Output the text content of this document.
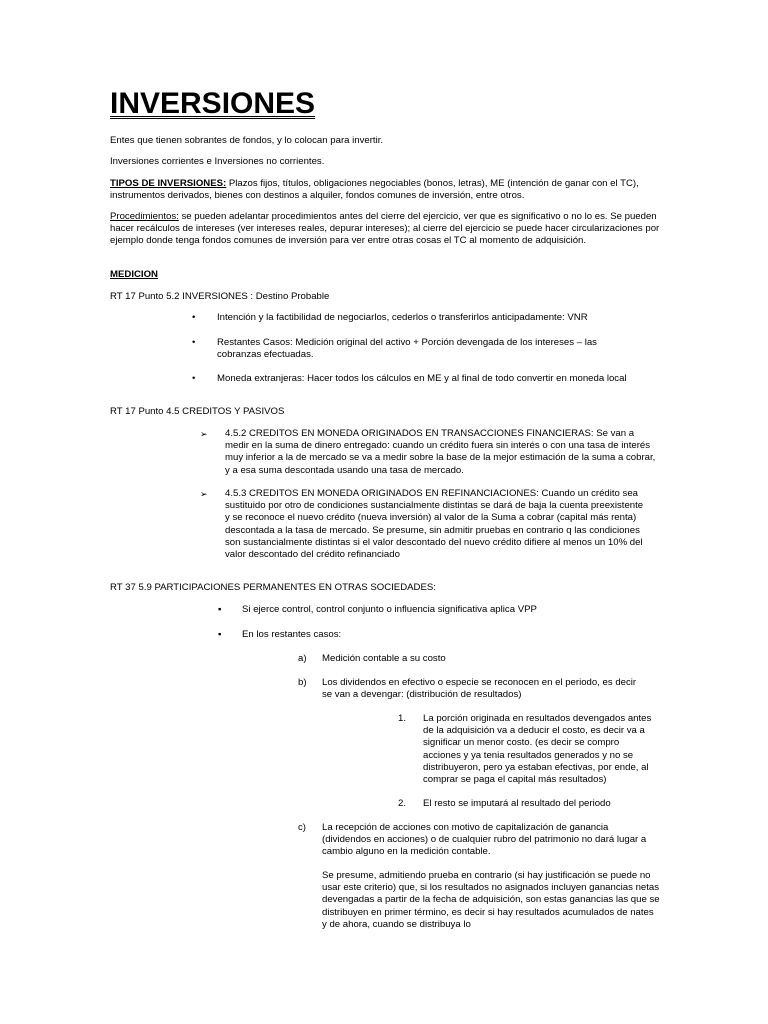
INVERSIONES
Entes que tienen sobrantes de fondos, y lo colocan para invertir.
Inversiones corrientes e Inversiones no corrientes.
TIPOS DE INVERSIONES: Plazos fijos, títulos, obligaciones negociables (bonos, letras), ME (intención de ganar con el TC), instrumentos derivados, bienes con destinos a alquiler, fondos comunes de inversión, entre otros.
Procedimientos: se pueden adelantar procedimientos antes del cierre del ejercicio, ver que es significativo o no lo es. Se pueden hacer recálculos de intereses (ver intereses reales, depurar intereses); al cierre del ejercicio se puede hacer circularizaciones por ejemplo donde tenga fondos comunes de inversión para ver entre otras cosas el TC al momento de adquisición.
MEDICION
RT 17 Punto 5.2 INVERSIONES : Destino Probable
• Intención y la factibilidad de negociarlos, cederlos o transferirlos anticipadamente: VNR
• Restantes Casos: Medición original del activo + Porción devengada de los intereses – las cobranzas efectuadas.
• Moneda extranjeras: Hacer todos los cálculos en ME y al final de todo convertir en moneda local
RT 17 Punto 4.5 CREDITOS Y PASIVOS
➢ 4.5.2 CREDITOS EN MONEDA ORIGINADOS EN TRANSACCIONES FINANCIERAS: Se van a medir en la suma de dinero entregado: cuando un crédito fuera sin interés o con una tasa de interés muy inferior a la de mercado se va a medir sobre la base de la mejor estimación de la suma a cobrar, y a esa suma descontada usando una tasa de mercado.
➢ 4.5.3 CREDITOS EN MONEDA ORIGINADOS EN REFINANCIACIONES: Cuando un crédito sea sustituido por otro de condiciones sustancialmente distintas se dará de baja la cuenta preexistente y se reconoce el nuevo crédito (nueva inversión) al valor de la Suma a cobrar (capital más renta) descontada a la tasa de mercado. Se presume, sin admitir pruebas en contrario q las condiciones son sustancialmente distintas si el valor descontado del nuevo crédito difiere al menos un 10% del valor descontado del crédito refinanciado
RT 37 5.9 PARTICIPACIONES PERMANENTES EN OTRAS SOCIEDADES:
▪ Si ejerce control, control conjunto o influencia significativa aplica VPP
▪ En los restantes casos:
a) Medición contable a su costo
b) Los dividendos en efectivo o especie se reconocen en el periodo, es decir se van a devengar: (distribución de resultados)
1. La porción originada en resultados devengados antes de la adquisición va a deducir el costo, es decir va a significar un menor costo. (es decir se compro acciones y ya tenia resultados generados y no se distribuyeron, pero ya estaban efectivas, por ende, al comprar se paga el capital más resultados)
2. El resto se imputará al resultado del periodo
c) La recepción de acciones con motivo de capitalización de ganancia (dividendos en acciones) o de cualquier rubro del patrimonio no dará lugar a cambio alguno en la medición contable.
Se presume, admitiendo prueba en contrario (si hay justificación se puede no usar este criterio) que, si los resultados no asignados incluyen ganancias netas devengadas a partir de la fecha de adquisición, son estas ganancias las que se distribuyen en primer término, es decir si hay resultados acumulados de nates y de ahora, cuando se distribuya lo
